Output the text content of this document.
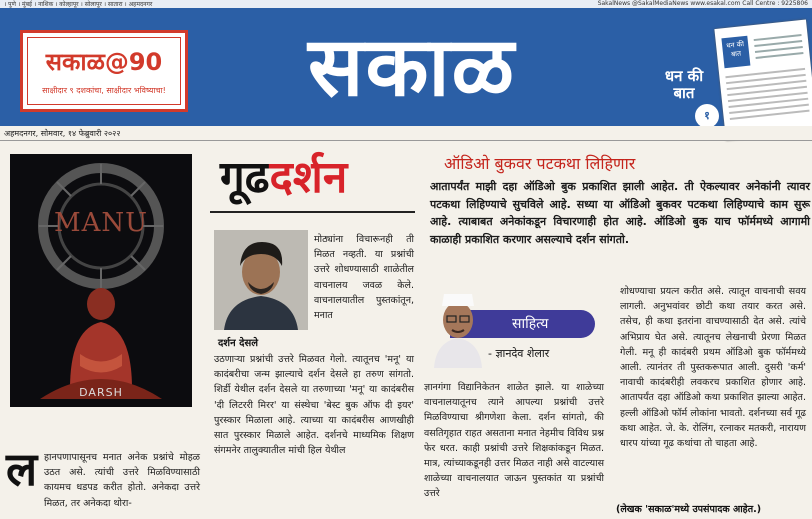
। पुणे । मुंबई । नाशिक । कोल्हापूर । सोलापूर । सातारा । अहमदनगर	SakalNews @SakalMediaNews www.esakal.com Call Centre : 9225806
सकाळ@90
साक्षीदार ९ दशकांचा, साक्षीदार भविष्याचा!	सकाळ	धन की बात
धन की बात
१
अहमदनगर, सोमवार, १४ फेब्रुवारी २०२२
MANU
DARSH
गूढदर्शन
दर्शन देसले
मोठ्यांना विचारूनही ती मिळत नव्हती. या प्रश्नांची उत्तरे शोधण्यासाठी शाळेतील वाचनालय जवळ केले. वाचनालयातील पुस्तकांतून, मनात
उठणाऱ्या प्रश्नांची उत्तरे मिळवत गेलो. त्यातूनच 'मनू' या कादंबरीचा जन्म झाल्याचे दर्शन देसले हा तरुण सांगतो. शिर्डी येथील दर्शन देसले या तरुणाच्या 'मनू' या कादंबरीस 'दी लिटररी मिरर' या संस्थेचा 'बेस्ट बुक ऑफ दी इयर' पुरस्कार मिळाला आहे. त्याच्या या कादंबरीस आणखीही सात पुरस्कार मिळाले आहेत. दर्शनचे माध्यमिक शिक्षण संगमनेर तालुक्यातील मांची हिल येथील
ल हानपणापासूनच मनात अनेक प्रश्नांचे मोहळ उठत असे. त्यांची उत्तरे मिळविण्यासाठी कायमच धडपड करीत होतो. अनेकदा उत्तरे मिळत, तर अनेकदा थोरा-
ऑडिओ बुकवर पटकथा लिहिणार
आतापर्यंत माझी दहा ऑडिओ बुक प्रकाशित झाली आहेत. ती ऐकल्यावर अनेकांनी त्यावर पटकथा लिहिण्याचे सुचविले आहे. सध्या या ऑडिओ बुकवर पटकथा लिहिण्याचे काम सुरू आहे. त्याबाबत अनेकांकडून विचारणाही होत आहे. ऑडिओ बुक याच फॉर्ममध्ये आगामी काळाही प्रकाशित करणार असल्याचे दर्शन सांगतो.
साहित्य
- ज्ञानदेव शेलार
ज्ञानगंगा विद्यानिकेतन शाळेत झाले. या शाळेच्या वाचनालयातूनच त्याने आपल्या प्रश्नांची उत्तरे मिळविण्याचा श्रीगणेशा केला. दर्शन सांगतो, की वसतिगृहात राहत असताना मनात नेहमीच विविध प्रश्न फेर धरत. काही प्रश्नांची उत्तरे शिक्षकांकडून मिळत. मात्र, त्यांच्याकडूनही उत्तर मिळत नाही असे वाटल्यास शाळेच्या वाचनालयात जाऊन पुस्तकांत या प्रश्नांची उत्तरे
शोधण्याचा प्रयत्न करीत असे. त्यातून वाचनाची सवय लागली. अनुभवांवर छोटी कथा तयार करत असे. तसेच, ही कथा इतरांना वाचण्यासाठी देत असे. त्यांचे अभिप्राय घेत असे. त्यातूनच लेखनाची प्रेरणा मिळत गेली. मनू ही कादंबरी प्रथम ऑडिओ बुक फॉर्ममध्ये आली. त्यानंतर ती पुस्तकरूपात आली. दुसरी 'कर्म' नावाची कादंबरीही लवकरच प्रकाशित होणार आहे. आतापर्यंत दहा ऑडिओ कथा प्रकाशित झाल्या आहेत. हल्ली ऑडिओ फॉर्म लोकांना भावतो. दर्शनच्या सर्व गूढ कथा आहेत. जे. के. रोलिंग, रत्नाकर मतकरी, नारायण धारप यांच्या गूढ कथांचा तो चाहता आहे.
(लेखक 'सकाळ'मध्ये उपसंपादक आहेत.)
